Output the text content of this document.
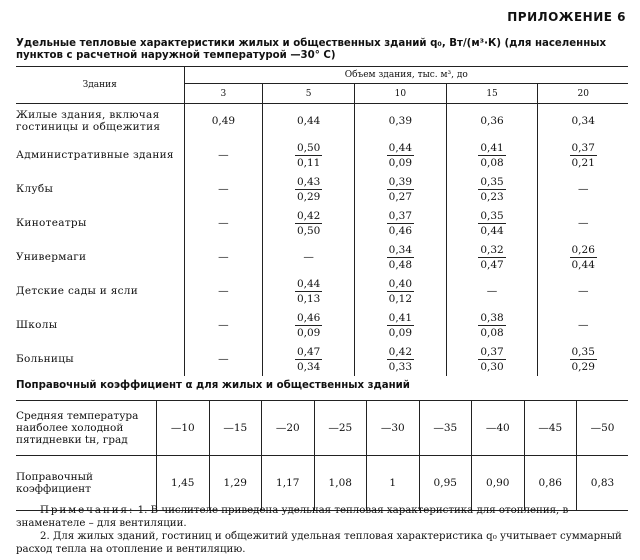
ПРИЛОЖЕНИЕ 6
Удельные тепловые характеристики жилых и общественных зданий q₀, Вт/(м³·К) (для населенных пунктов с расчетной наружной температурой —30° С)
Здания	Объем здания, тыс. м³, до				
	3	5	10	15	20
Жилые здания, включая гостиницы и общежития	0,49	0,44	0,39	0,36	0,34
Административные здания	—	$\frac{0,50}{0,11}$	$\frac{0,44}{0,09}$	$\frac{0,41}{0,08}$	$\frac{0,37}{0,21}$

Клубы	—	$\frac{0,43}{0,29}$	$\frac{0,39}{0,27}$	$\frac{0,35}{0,23}$	—
Кинотеатры	—	$\frac{0,42}{0,50}$	$\frac{0,37}{0,46}$	$\frac{0,35}{0,44}$	—
Универмаги	—	—	$\frac{0,34}{0,48}$	$\frac{0,32}{0,47}$	$\frac{0,26}{0,44}$

Детские сады и ясли	—	$\frac{0,44}{0,13}$	$\frac{0,40}{0,12}$	—	—
Школы	—	$\frac{0,46}{0,09}$	$\frac{0,41}{0,09}$	$\frac{0,38}{0,08}$	—
Больницы	—	$\frac{0,47}{0,34}$	$\frac{0,42}{0,33}$	$\frac{0,37}{0,30}$	$\frac{0,35}{0,29}$
Поправочный коэффициент α для жилых и общественных зданий
Средняя температура наиболее холодной пятидневки tн, град	—10	—15	—20	—25	—30	—35	—40	—45	—50
Поправочный коэффициент	1,45	1,29	1,17	1,08	1	0,95	0,90	0,86	0,83

Примечания: 1. В числителе приведена удельная тепловая характеристика для отопления, в знаменателе – для вентиляции.

2. Для жилых зданий, гостиниц и общежитий удельная тепловая характеристика q₀ учитывает суммарный расход тепла на отопление и вентиляцию.
